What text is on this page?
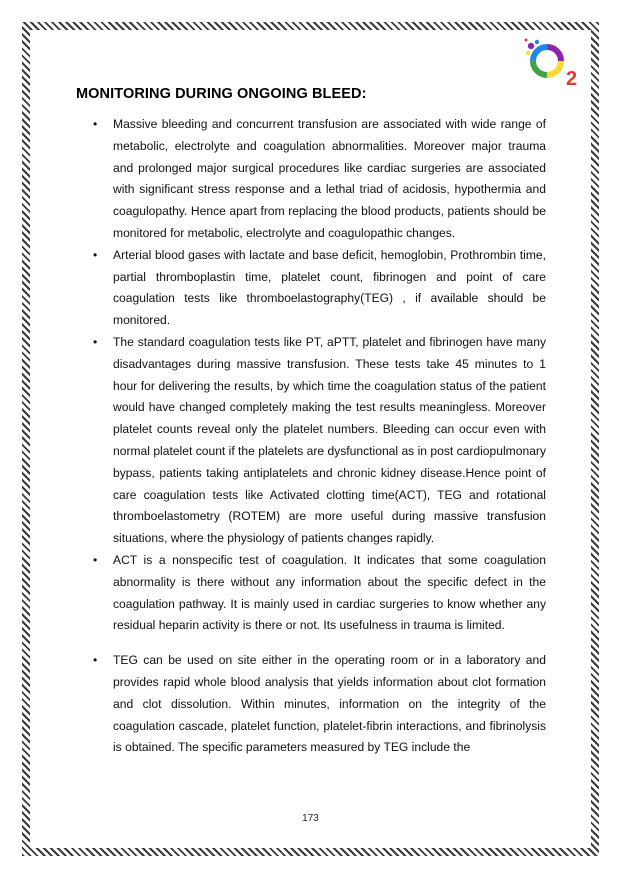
2
MONITORING DURING ONGOING BLEED:
• Massive bleeding and concurrent transfusion are associated with wide range of metabolic, electrolyte and coagulation abnormalities. Moreover major trauma and prolonged major surgical procedures like cardiac surgeries are associated with significant stress response and a lethal triad of acidosis, hypothermia and coagulopathy. Hence apart from replacing the blood products, patients should be monitored for metabolic, electrolyte and coagulopathic changes.
• Arterial blood gases with lactate and base deficit, hemoglobin, Prothrombin time, partial thromboplastin time, platelet count, fibrinogen and point of care coagulation tests like thromboelastography(TEG) , if available should be monitored.
• The standard coagulation tests like PT, aPTT, platelet and fibrinogen have many disadvantages during massive transfusion. These tests take 45 minutes to 1 hour for delivering the results, by which time the coagulation status of the patient would have changed completely making the test results meaningless. Moreover platelet counts reveal only the platelet numbers. Bleeding can occur even with normal platelet count if the platelets are dysfunctional as in post cardiopulmonary bypass, patients taking antiplatelets and chronic kidney disease.Hence point of care coagulation tests like Activated clotting time(ACT), TEG and rotational thromboelastometry (ROTEM) are more useful during massive transfusion situations, where the physiology of patients changes rapidly.
• ACT is a nonspecific test of coagulation. It indicates that some coagulation abnormality is there without any information about the specific defect in the coagulation pathway. It is mainly used in cardiac surgeries to know whether any residual heparin activity is there or not. Its usefulness in trauma is limited.
• TEG can be used on site either in the operating room or in a laboratory and provides rapid whole blood analysis that yields information about clot formation and clot dissolution. Within minutes, information on the integrity of the coagulation cascade, platelet function, platelet-fibrin interactions, and fibrinolysis is obtained. The specific parameters measured by TEG include the
173
